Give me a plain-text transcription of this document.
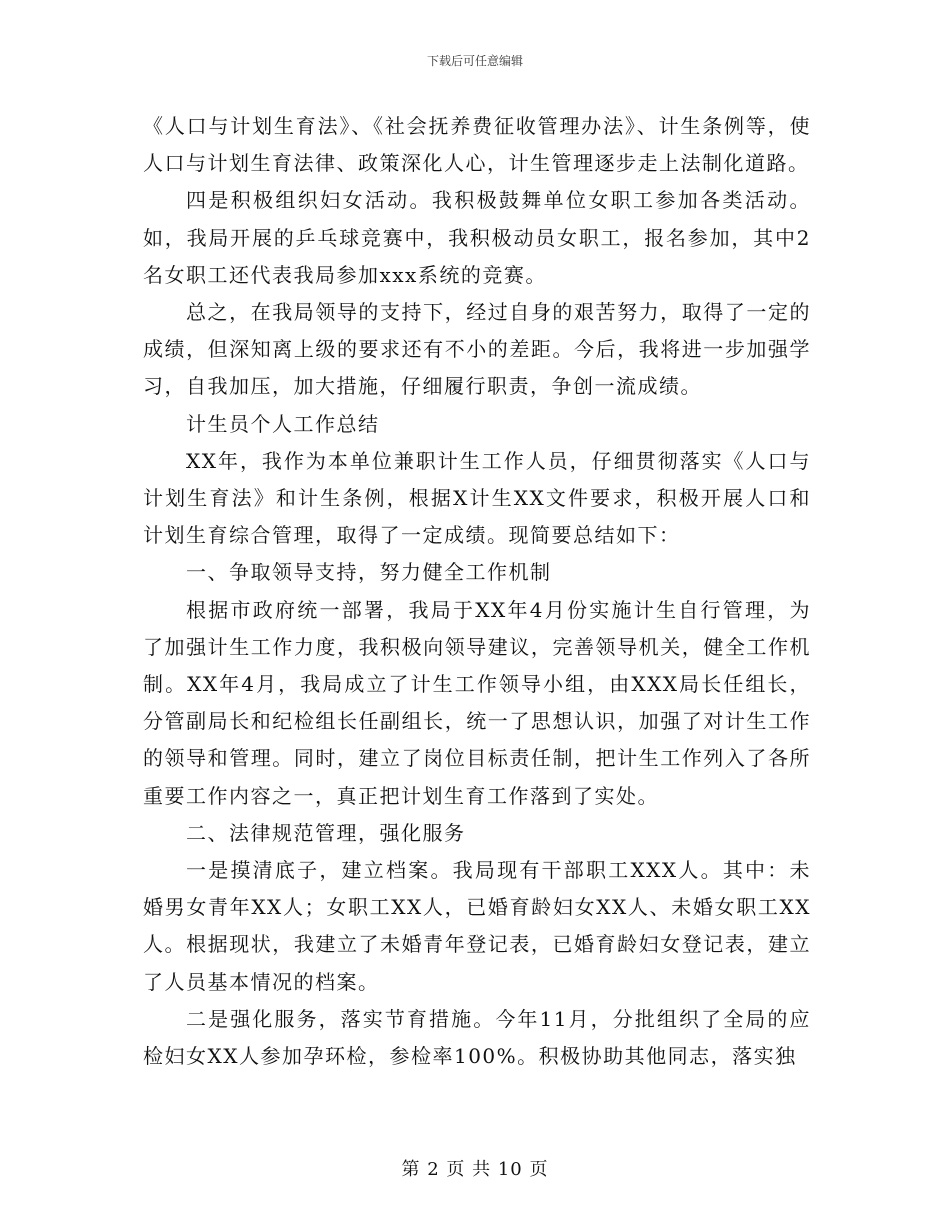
下载后可任意编辑

《人口与计划生育法》、《社会抚养费征收管理办法》、计生条例等，使人口与计划生育法律、政策深化人心，计生管理逐步走上法制化道路。

四是积极组织妇女活动。我积极鼓舞单位女职工参加各类活动。如，我局开展的乒乓球竞赛中，我积极动员女职工，报名参加，其中2名女职工还代表我局参加xxx系统的竞赛。

总之，在我局领导的支持下，经过自身的艰苦努力，取得了一定的成绩，但深知离上级的要求还有不小的差距。今后，我将进一步加强学习，自我加压，加大措施，仔细履行职责，争创一流成绩。

计生员个人工作总结

XX年，我作为本单位兼职计生工作人员，仔细贯彻落实《人口与计划生育法》和计生条例，根据X计生XX文件要求，积极开展人口和计划生育综合管理，取得了一定成绩。现简要总结如下：

一、争取领导支持，努力健全工作机制

根据市政府统一部署，我局于XX年4月份实施计生自行管理，为了加强计生工作力度，我积极向领导建议，完善领导机关，健全工作机制。XX年4月，我局成立了计生工作领导小组，由XXX局长任组长，分管副局长和纪检组长任副组长，统一了思想认识，加强了对计生工作的领导和管理。同时，建立了岗位目标责任制，把计生工作列入了各所重要工作内容之一，真正把计划生育工作落到了实处。

二、法律规范管理，强化服务

一是摸清底子，建立档案。我局现有干部职工XXX人。其中：未婚男女青年XX人；女职工XX人，已婚育龄妇女XX人、未婚女职工XX人。根据现状，我建立了未婚青年登记表，已婚育龄妇女登记表，建立了人员基本情况的档案。

二是强化服务，落实节育措施。今年11月，分批组织了全局的应检妇女XX人参加孕环检，参检率100%。积极协助其他同志，落实独

第 2 页 共 10 页
